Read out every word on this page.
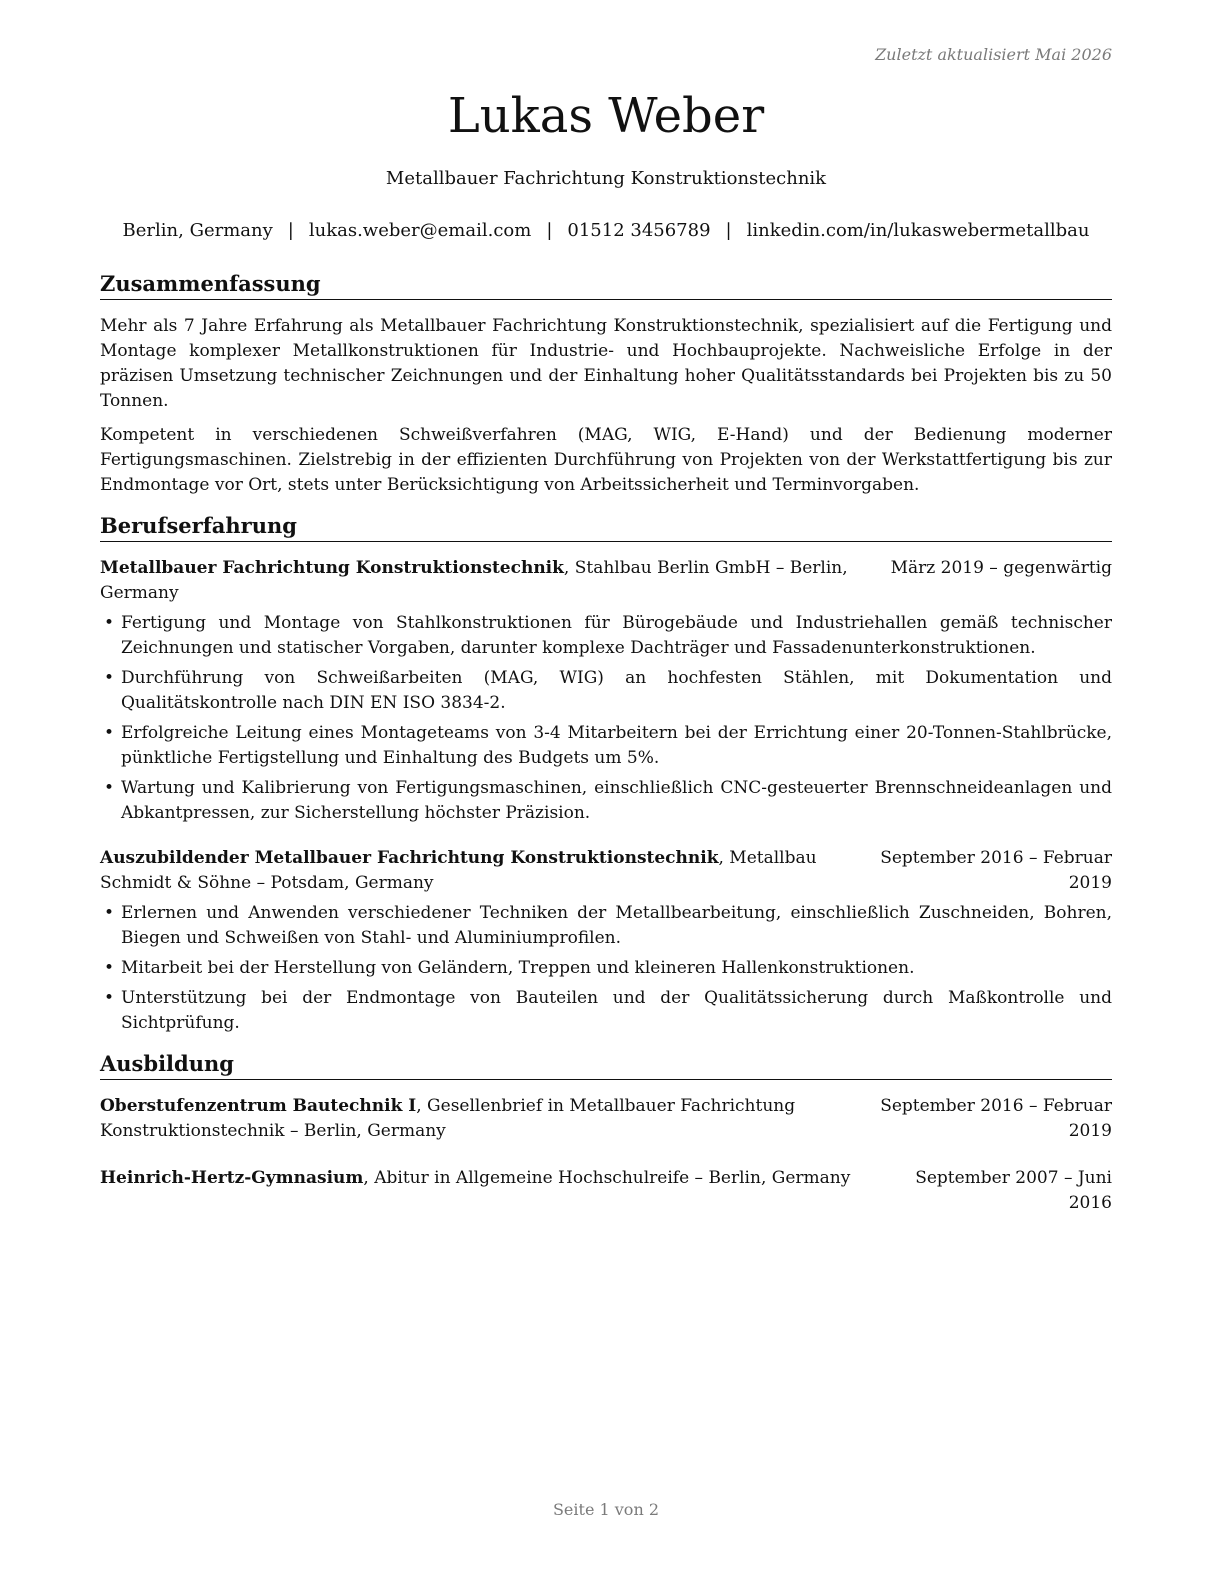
Zuletzt aktualisiert Mai 2026
Lukas Weber
Metallbauer Fachrichtung Konstruktionstechnik
Berlin, Germany | lukas.weber@email.com | 01512 3456789 | linkedin.com/in/lukaswebermetallbau
Zusammenfassung

Mehr als 7 Jahre Erfahrung als Metallbauer Fachrichtung Konstruktionstechnik, spezialisiert auf die Fertigung und Montage komplexer Metallkonstruktionen für Industrie- und Hochbauprojekte. Nachweisliche Erfolge in der präzisen Umsetzung technischer Zeichnungen und der Einhaltung hoher Qualitätsstandards bei Projekten bis zu 50 Tonnen.

Kompetent in verschiedenen Schweißverfahren (MAG, WIG, E-Hand) und der Bedienung moderner Fertigungsmaschinen. Zielstrebig in der effizienten Durchführung von Projekten von der Werkstattfertigung bis zur Endmontage vor Ort, stets unter Berücksichtigung von Arbeitssicherheit und Terminvorgaben.

Berufserfahrung
Metallbauer Fachrichtung Konstruktionstechnik, Stahlbau Berlin GmbH – Berlin, Germany
März 2019 – gegenwärtig
• Fertigung und Montage von Stahlkonstruktionen für Bürogebäude und Industriehallen gemäß technischer Zeichnungen und statischer Vorgaben, darunter komplexe Dachträger und Fassadenunterkonstruktionen.
• Durchführung von Schweißarbeiten (MAG, WIG) an hochfesten Stählen, mit Dokumentation und Qualitätskontrolle nach DIN EN ISO 3834-2.
• Erfolgreiche Leitung eines Montageteams von 3-4 Mitarbeitern bei der Errichtung einer 20-Tonnen-Stahlbrücke, pünktliche Fertigstellung und Einhaltung des Budgets um 5%.
• Wartung und Kalibrierung von Fertigungsmaschinen, einschließlich CNC-gesteuerter Brennschneideanlagen und Abkantpressen, zur Sicherstellung höchster Präzision.
Auszubildender Metallbauer Fachrichtung Konstruktionstechnik, Metallbau Schmidt & Söhne – Potsdam, Germany
September 2016 – Februar 2019
• Erlernen und Anwenden verschiedener Techniken der Metallbearbeitung, einschließlich Zuschneiden, Bohren, Biegen und Schweißen von Stahl- und Aluminiumprofilen.
• Mitarbeit bei der Herstellung von Geländern, Treppen und kleineren Hallenkonstruktionen.
• Unterstützung bei der Endmontage von Bauteilen und der Qualitätssicherung durch Maßkontrolle und Sichtprüfung.
Ausbildung
Oberstufenzentrum Bautechnik I, Gesellenbrief in Metallbauer Fachrichtung Konstruktionstechnik – Berlin, Germany
September 2016 – Februar 2019
Heinrich-Hertz-Gymnasium, Abitur in Allgemeine Hochschulreife – Berlin, Germany	September 2007 – Juni 2016
Seite 1 von 2
